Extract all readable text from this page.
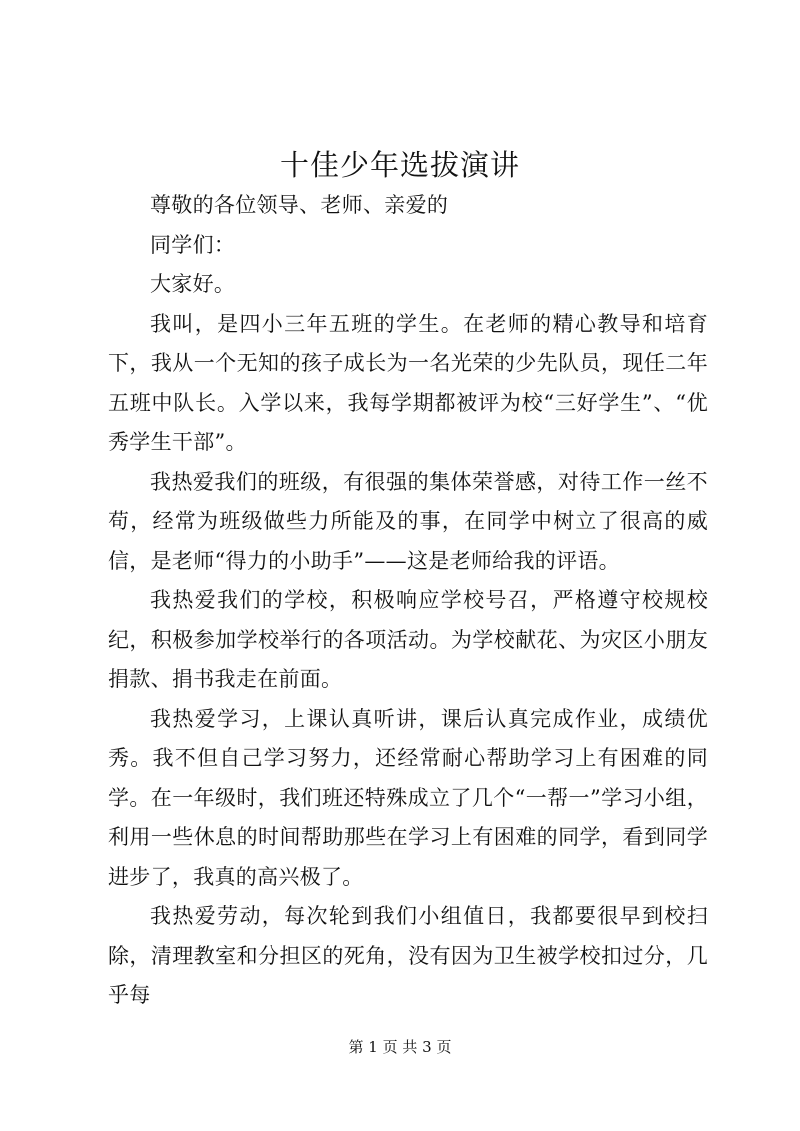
十佳少年选拔演讲

尊敬的各位领导、老师、亲爱的

同学们：

大家好。

我叫，是四小三年五班的学生。在老师的精心教导和培育下，我从一个无知的孩子成长为一名光荣的少先队员，现任二年五班中队长。入学以来，我每学期都被评为校“三好学生”、“优秀学生干部”。

我热爱我们的班级，有很强的集体荣誉感，对待工作一丝不苟，经常为班级做些力所能及的事，在同学中树立了很高的威信，是老师“得力的小助手”——这是老师给我的评语。

我热爱我们的学校，积极响应学校号召，严格遵守校规校纪，积极参加学校举行的各项活动。为学校献花、为灾区小朋友捐款、捐书我走在前面。

我热爱学习，上课认真听讲，课后认真完成作业，成绩优秀。我不但自己学习努力，还经常耐心帮助学习上有困难的同学。在一年级时，我们班还特殊成立了几个“一帮一”学习小组，利用一些休息的时间帮助那些在学习上有困难的同学，看到同学进步了，我真的高兴极了。

我热爱劳动，每次轮到我们小组值日，我都要很早到校扫除，清理教室和分担区的死角，没有因为卫生被学校扣过分，几乎每

第 1 页 共 3 页
